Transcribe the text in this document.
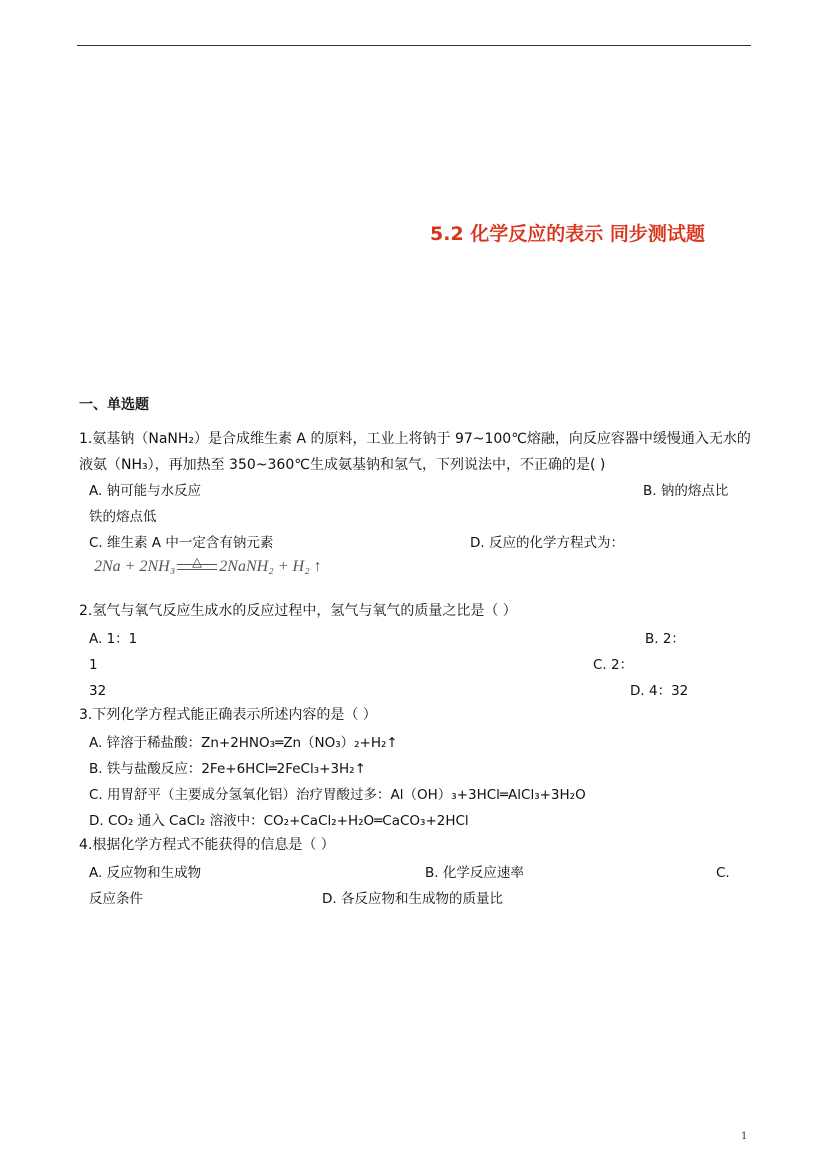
5.2 化学反应的表示 同步测试题
一、单选题
1.氨基钠（NaNH₂）是合成维生素 A 的原料，工业上将钠于 97~100℃熔融，向反应容器中缓慢通入无水的
液氨（NH₃），再加热至 350~360℃生成氨基钠和氢气，下列说法中，不正确的是( )
A. 钠可能与水反应	B. 钠的熔点比
铁的熔点低
C. 维生素 A 中一定含有钠元素	D. 反应的化学方程式为：
2Na + 2NH₃	2NaNH₂ + H₂ ↑
△
2.氢气与氧气反应生成水的反应过程中，氢气与氧气的质量之比是（ ）
A. 1：1	B. 2：
1	C. 2：
32	D. 4：32
3.下列化学方程式能正确表示所述内容的是（ ）
A. 锌溶于稀盐酸：Zn+2HNO₃═Zn（NO₃）₂+H₂↑
B. 铁与盐酸反应：2Fe+6HCl═2FeCl₃+3H₂↑
C. 用胃舒平（主要成分氢氧化铝）治疗胃酸过多：Al（OH）₃+3HCl═AlCl₃+3H₂O
D. CO₂ 通入 CaCl₂ 溶液中：CO₂+CaCl₂+H₂O═CaCO₃+2HCl
4.根据化学方程式不能获得的信息是（ ）
A. 反应物和生成物	B. 化学反应速率	C.
反应条件	D. 各反应物和生成物的质量比
1
